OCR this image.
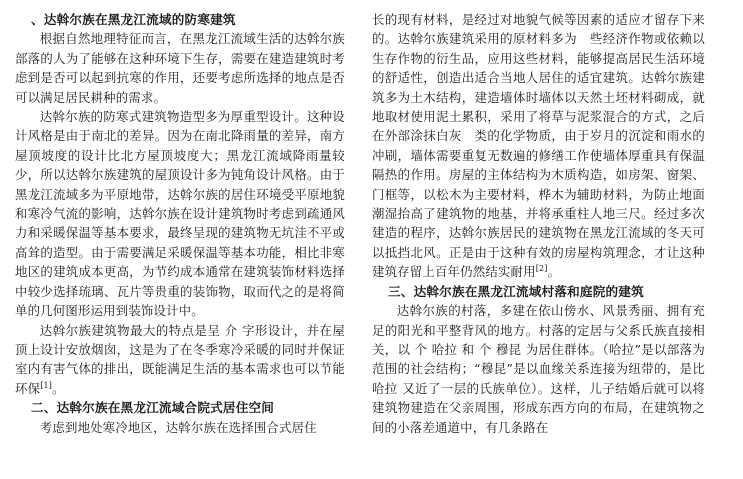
、达斡尔族在黑龙江流域的防寒建筑

根据自然地理特征而言，在黑龙江流域生活的达斡尔族部落的人为了能够在这种环境下生存，需要在建造建筑时考虑到是否可以起到抗寒的作用，还要考虑所选择的地点是否可以满足居民耕种的需求。

达斡尔族的防寒式建筑物造型多为厚重型设计。这种设计风格是由于南北的差异。因为在南北降雨量的差异，南方屋顶坡度的设计比北方屋顶坡度大；黑龙江流域降雨量较少，所以达斡尔族建筑的屋顶设计多为钝角设计风格。由于黑龙江流域多为平原地带，达斡尔族的居住环境受平原地貌和寒冷气流的影响，达斡尔族在设计建筑物时考虑到疏通风力和采暖保温等基本要求，最终呈现的建筑物无坑洼不平或高耸的造型。由于需要满足采暖保温等基本功能，相比非寒地区的建筑成本更高，为节约成本通常在建筑装饰材料选择中较少选择琉璃、瓦片等贵重的装饰物，取而代之的是将简单的几何图形运用到装饰设计中。

达斡尔族建筑物最大的特点是呈 介 字形设计，并在屋顶上设计安放烟囱，这是为了在冬季寒冷采暖的同时并保证室内有害气体的排出，既能满足生活的基本需求也可以节能环保[1]。

二、达斡尔族在黑龙江流域合院式居住空间

考虑到地处寒冷地区，达斡尔族在选择围合式居住

长的现有材料，是经过对地貌气候等因素的适应才留存下来的。达斡尔族建筑采用的原材料多为　些经济作物或依赖以生存作物的衍生品，应用这些材料，能够提高居民生活环境的舒适性，创造出适合当地人居住的适宜建筑。达斡尔族建筑多为土木结构，建造墙体时墙体以天然土坯材料砌成，就地取材使用泥土累积，采用了将草与泥浆混合的方式，之后在外部涂抹白灰　类的化学物质，由于岁月的沉淀和雨水的冲刷，墙体需要重复无数遍的修缮工作使墙体厚重具有保温隔热的作用。房屋的主体结构为木质构造，如房架、窗架、门框等，以松木为主要材料，桦木为辅助材料，为防止地面潮湿抬高了建筑物的地基，并将承重柱人地三尺。经过多次建造的程序，达斡尔族居民的建筑物在黑龙江流域的冬天可以抵挡北风。正是由于这种有效的房屋构筑理念，才让这种建筑存留上百年仍然结实耐用[2]。

三、达斡尔族在黑龙江流域村落和庭院的建筑

达斡尔族的村落，多建在依山傍水、风景秀丽、拥有充足的阳光和平整背风的地方。村落的定居与父系氏族直接相关，以 个 哈拉 和 个 穆昆 为居住群体。（哈拉”是以部落为范围的社会结构；“穆昆”是以血缘关系连接为纽带的，是比 哈拉 又近了一层的氏族单位）。这样，儿子结婚后就可以将建筑物建造在父亲周围，形成东西方向的布局，在建筑物之间的小落差通道中，有几条路在
